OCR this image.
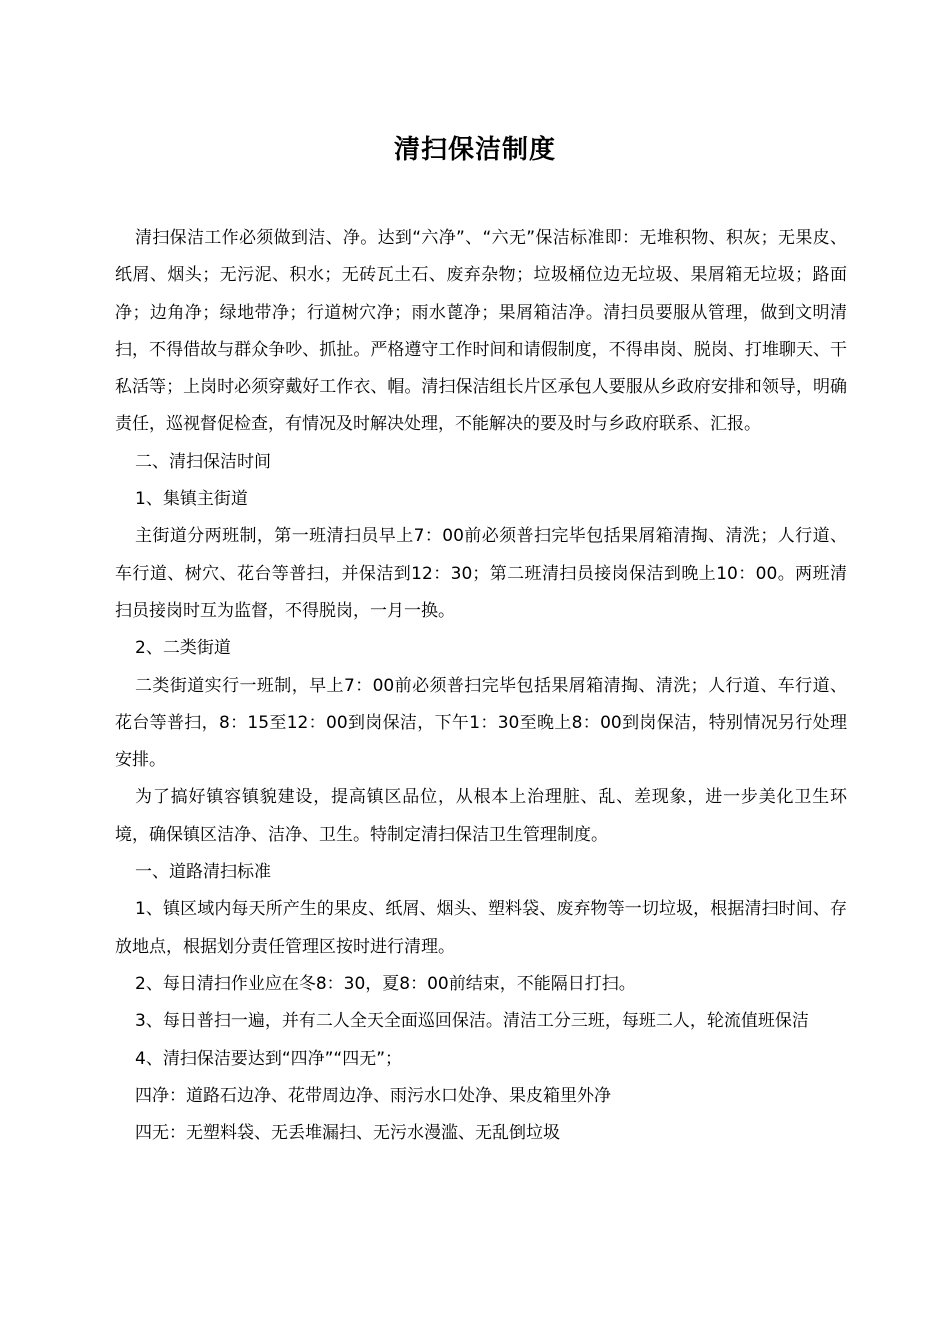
清扫保洁制度

清扫保洁工作必须做到洁、净。达到“六净”、“六无”保洁标准即：无堆积物、积灰；无果皮、纸屑、烟头；无污泥、积水；无砖瓦土石、废弃杂物；垃圾桶位边无垃圾、果屑箱无垃圾；路面净；边角净；绿地带净；行道树穴净；雨水蓖净；果屑箱洁净。清扫员要服从管理，做到文明清扫，不得借故与群众争吵、抓扯。严格遵守工作时间和请假制度，不得串岗、脱岗、打堆聊天、干私活等；上岗时必须穿戴好工作衣、帽。清扫保洁组长片区承包人要服从乡政府安排和领导，明确责任，巡视督促检查，有情况及时解决处理，不能解决的要及时与乡政府联系、汇报。

二、清扫保洁时间

1、集镇主街道

主街道分两班制，第一班清扫员早上7：00前必须普扫完毕包括果屑箱清掏、清洗；人行道、车行道、树穴、花台等普扫，并保洁到12：30；第二班清扫员接岗保洁到晚上10：00。两班清扫员接岗时互为监督，不得脱岗，一月一换。

2、二类街道

二类街道实行一班制，早上7：00前必须普扫完毕包括果屑箱清掏、清洗；人行道、车行道、花台等普扫，8：15至12：00到岗保洁，下午1：30至晚上8：00到岗保洁，特别情况另行处理安排。

为了搞好镇容镇貌建设，提高镇区品位，从根本上治理脏、乱、差现象，进一步美化卫生环境，确保镇区洁净、洁净、卫生。特制定清扫保洁卫生管理制度。

一、道路清扫标准

1、镇区域内每天所产生的果皮、纸屑、烟头、塑料袋、废弃物等一切垃圾，根据清扫时间、存放地点，根据划分责任管理区按时进行清理。

2、每日清扫作业应在冬8：30，夏8：00前结束，不能隔日打扫。

3、每日普扫一遍，并有二人全天全面巡回保洁。清洁工分三班，每班二人，轮流值班保洁

4、清扫保洁要达到“四净”“四无”；

四净：道路石边净、花带周边净、雨污水口处净、果皮箱里外净

四无：无塑料袋、无丢堆漏扫、无污水漫滥、无乱倒垃圾
